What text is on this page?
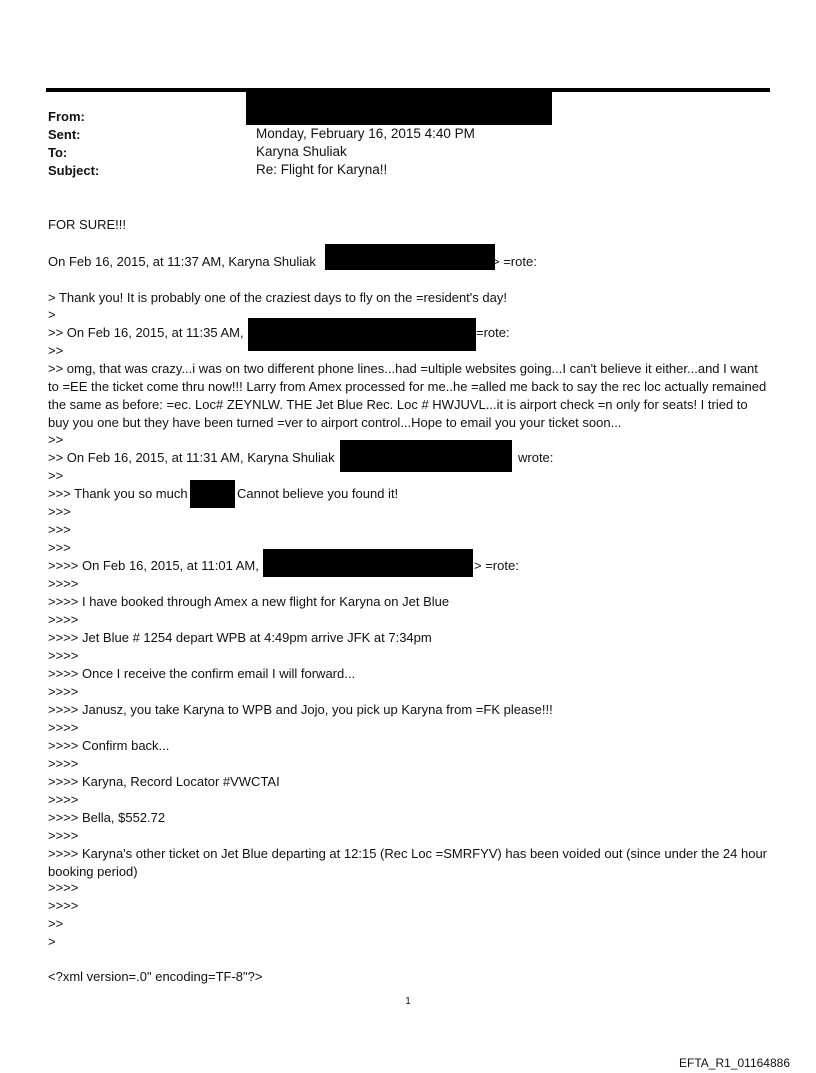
From:
Sent:	Monday, February 16, 2015 4:40 PM
To:	Karyna Shuliak
Subject:	Re: Flight for Karyna!!
FOR SURE!!!
On Feb 16, 2015, at 11:37 AM, Karyna Shuliak	> =rote:
> Thank you! It is probably one of the craziest days to fly on the =resident's day!
>
>> On Feb 16, 2015, at 11:35 AM,	=rote:
>>
>> omg, that was crazy...i was on two different phone lines...had =ultiple websites going...I can't believe it either...and I want to =EE the ticket come thru now!!! Larry from Amex processed for me..he =alled me back to say the rec loc actually remained the same as before: =ec. Loc# ZEYNLW. THE Jet Blue Rec. Loc # HWJUVL...it is airport check =n only for seats! I tried to buy you one but they have been turned =ver to airport control...Hope to email you your ticket soon...
>>
>> On Feb 16, 2015, at 11:31 AM, Karyna Shuliak	wrote:
>>
>>> Thank you so much	Cannot believe you found it!
>>>
>>>
>>>
>>>> On Feb 16, 2015, at 11:01 AM,	> =rote:
>>>>
>>>> I have booked through Amex a new flight for Karyna on Jet Blue
>>>>
>>>> Jet Blue # 1254 depart WPB at 4:49pm arrive JFK at 7:34pm
>>>>
>>>> Once I receive the confirm email I will forward...
>>>>
>>>> Janusz, you take Karyna to WPB and Jojo, you pick up Karyna from =FK please!!!
>>>>
>>>> Confirm back...
>>>>
>>>> Karyna, Record Locator #VWCTAI
>>>>
>>>> Bella, $552.72
>>>>
>>>> Karyna's other ticket on Jet Blue departing at 12:15 (Rec Loc =SMRFYV) has been voided out (since under the 24 hour booking period)
>>>>
>>>>
>>
>
<?xml version=.0" encoding=TF-8"?>
1
EFTA_R1_01164886
